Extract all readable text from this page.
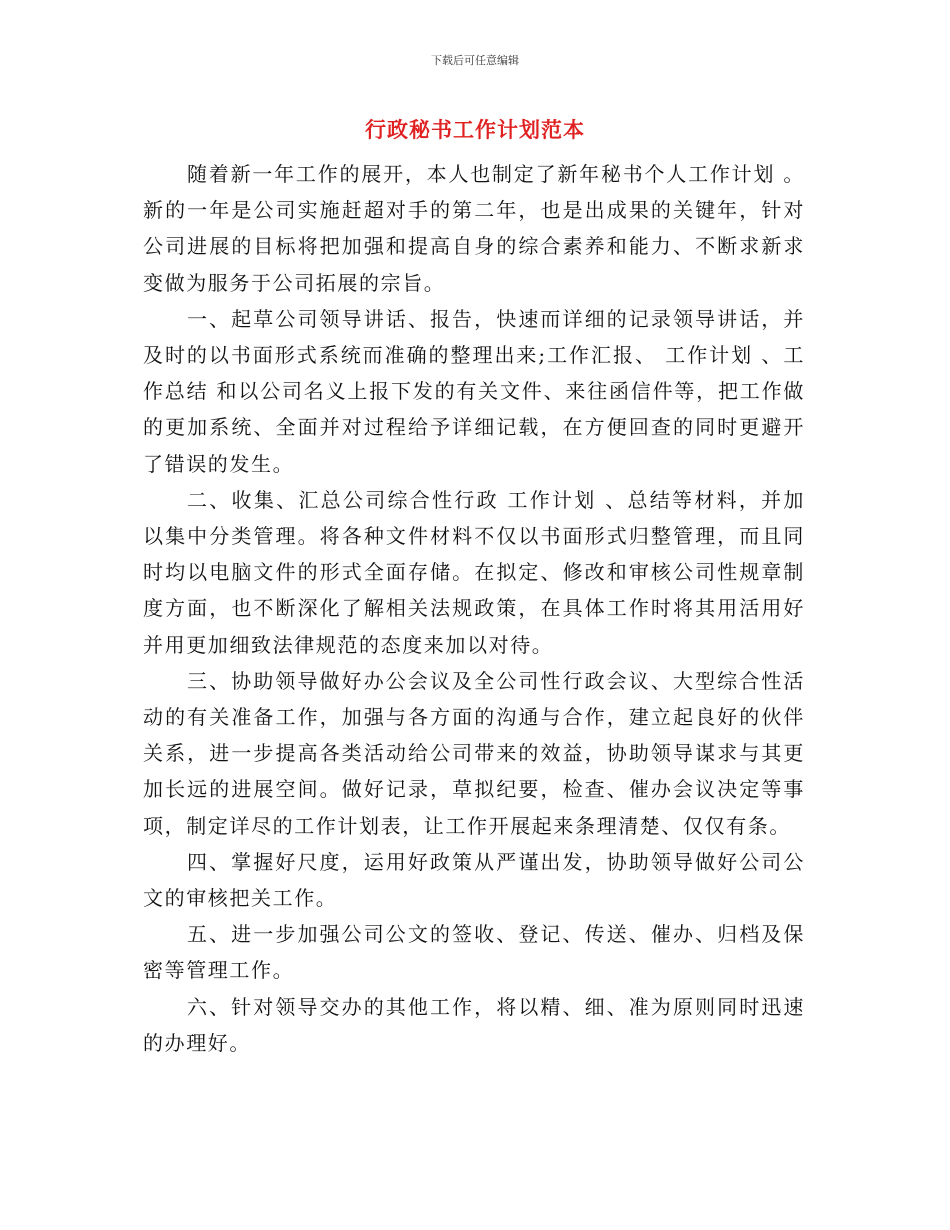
下载后可任意编辑
行政秘书工作计划范本

随着新一年工作的展开，本人也制定了新年秘书个人工作计划 。新的一年是公司实施赶超对手的第二年，也是出成果的关键年，针对公司进展的目标将把加强和提高自身的综合素养和能力、不断求新求变做为服务于公司拓展的宗旨。

一、起草公司领导讲话、报告，快速而详细的记录领导讲话，并及时的以书面形式系统而准确的整理出来;工作汇报、 工作计划 、工作总结 和以公司名义上报下发的有关文件、来往函信件等，把工作做的更加系统、全面并对过程给予详细记载，在方便回查的同时更避开了错误的发生。

二、收集、汇总公司综合性行政 工作计划 、总结等材料，并加以集中分类管理。将各种文件材料不仅以书面形式归整管理，而且同时均以电脑文件的形式全面存储。在拟定、修改和审核公司性规章制度方面，也不断深化了解相关法规政策，在具体工作时将其用活用好并用更加细致法律规范的态度来加以对待。

三、协助领导做好办公会议及全公司性行政会议、大型综合性活动的有关准备工作，加强与各方面的沟通与合作，建立起良好的伙伴关系，进一步提高各类活动给公司带来的效益，协助领导谋求与其更加长远的进展空间。做好记录，草拟纪要，检查、催办会议决定等事项，制定详尽的工作计划表，让工作开展起来条理清楚、仅仅有条。

四、掌握好尺度，运用好政策从严谨出发，协助领导做好公司公文的审核把关工作。

五、进一步加强公司公文的签收、登记、传送、催办、归档及保密等管理工作。

六、针对领导交办的其他工作，将以精、细、准为原则同时迅速的办理好。
